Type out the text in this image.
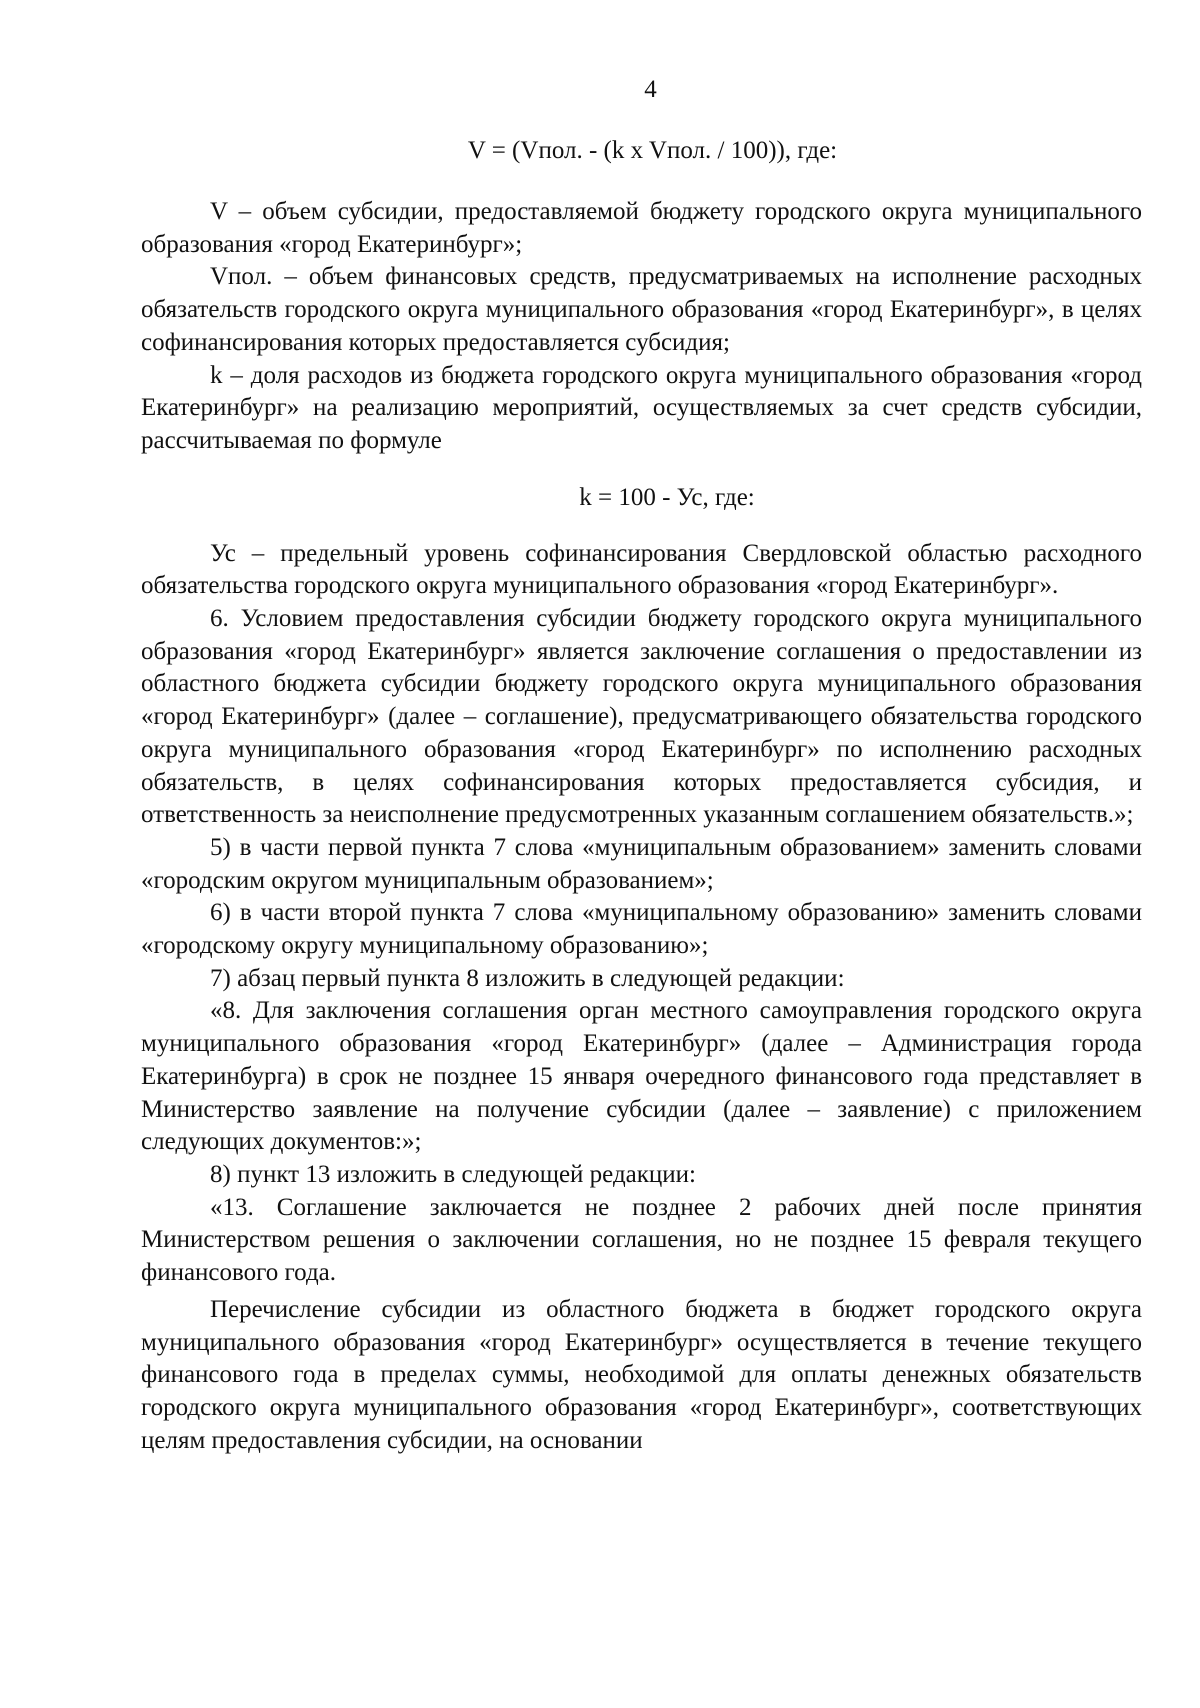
4
V = (Vпол. - (k x Vпол. / 100)), где:

V – объем субсидии, предоставляемой бюджету городского округа муниципального образования «город Екатеринбург»;

Vпол. – объем финансовых средств, предусматриваемых на исполнение расходных обязательств городского округа муниципального образования «город Екатеринбург», в целях софинансирования которых предоставляется субсидия;

k – доля расходов из бюджета городского округа муниципального образования «город Екатеринбург» на реализацию мероприятий, осуществляемых за счет средств субсидии, рассчитываемая по формуле

k = 100 - Ус, где:

Ус – предельный уровень софинансирования Свердловской областью расходного обязательства городского округа муниципального образования «город Екатеринбург».

6. Условием предоставления субсидии бюджету городского округа муниципального образования «город Екатеринбург» является заключение соглашения о предоставлении из областного бюджета субсидии бюджету городского округа муниципального образования «город Екатеринбург» (далее – соглашение), предусматривающего обязательства городского округа муниципального образования «город Екатеринбург» по исполнению расходных обязательств, в целях софинансирования которых предоставляется субсидия, и ответственность за неисполнение предусмотренных указанным соглашением обязательств.»;

5) в части первой пункта 7 слова «муниципальным образованием» заменить словами «городским округом муниципальным образованием»;

6) в части второй пункта 7 слова «муниципальному образованию» заменить словами «городскому округу муниципальному образованию»;

7) абзац первый пункта 8 изложить в следующей редакции:

«8. Для заключения соглашения орган местного самоуправления городского округа муниципального образования «город Екатеринбург» (далее – Администрация города Екатеринбурга) в срок не позднее 15 января очередного финансового года представляет в Министерство заявление на получение субсидии (далее – заявление) с приложением следующих документов:»;

8) пункт 13 изложить в следующей редакции:

«13. Соглашение заключается не позднее 2 рабочих дней после принятия Министерством решения о заключении соглашения, но не позднее 15 февраля текущего финансового года.

Перечисление субсидии из областного бюджета в бюджет городского округа муниципального образования «город Екатеринбург» осуществляется в течение текущего финансового года в пределах суммы, необходимой для оплаты денежных обязательств городского округа муниципального образования «город Екатеринбург», соответствующих целям предоставления субсидии, на основании
